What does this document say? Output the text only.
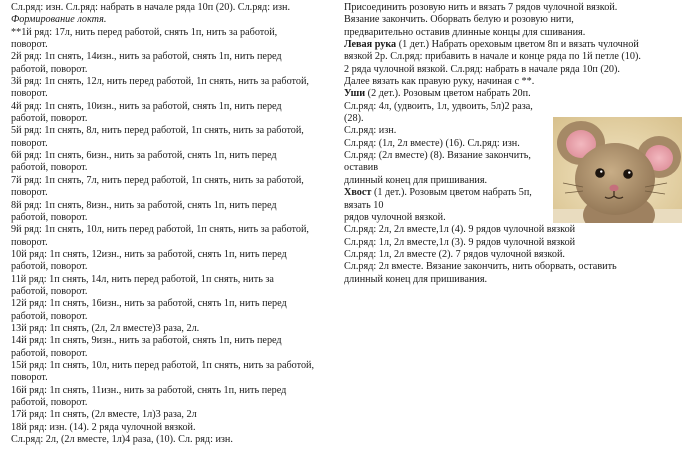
Сл.ряд: изн. Сл.ряд: набрать в начале ряда 10п (20). Сл.ряд: изн.

Формирование локтя.

**1й ряд: 17л, нить перед работой, снять 1п, нить за работой,

поворот.

2й ряд: 1п снять, 14изн., нить за работой, снять 1п, нить перед

работой, поворот.

3й ряд: 1п снять, 12л, нить перед работой, 1п снять, нить за работой,

поворот.

4й ряд: 1п снять, 10изн., нить за работой, снять 1п, нить перед

работой, поворот.

5й ряд: 1п снять, 8л, нить перед работой, 1п снять, нить за работой,

поворот.

6й ряд: 1п снять, 6изн., нить за работой, снять 1п, нить перед

работой, поворот.

7й ряд: 1п снять, 7л, нить перед работой, 1п снять, нить за работой,

поворот.

8й ряд: 1п снять, 8изн., нить за работой, снять 1п, нить перед

работой, поворот.

9й ряд: 1п снять, 10л, нить перед работой, 1п снять, нить за работой,

поворот.

10й ряд: 1п снять, 12изн., нить за работой, снять 1п, нить перед

работой, поворот.

11й ряд: 1п снять, 14л, нить перед работой, 1п снять, нить за

работой, поворот.

12й ряд: 1п снять, 16изн., нить за работой, снять 1п, нить перед

работой, поворот.

13й ряд: 1п снять, (2л, 2л вместе)3 раза, 2л.

14й ряд: 1п снять, 9изн., нить за работой, снять 1п, нить перед

работой, поворот.

15й ряд: 1п снять, 10л, нить перед работой, 1п снять, нить за работой,

поворот.

16й ряд: 1п снять, 11изн., нить за работой, снять 1п, нить перед

работой, поворот.

17й ряд: 1п снять, (2л вместе, 1л)3 раза, 2л

18й ряд: изн. (14). 2 ряда чулочной вязкой.

Сл.ряд: 2л, (2л вместе, 1л)4 раза, (10). Сл. ряд: изн.

Присоединить розовую нить и вязать 7 рядов чулочной вязкой.

Вязание закончить. Оборвать белую и розовую нити,

предварительно оставив длинные концы для сшивания.

Левая рука (1 дет.) Набрать ореховым цветом 8п и вязать чулочной

вязкой 2р. Сл.ряд: прибавить в начале и конце ряда по 1й петле (10).

2 ряда чулочной вязкой. Сл.ряд: набрать в начале ряда 10п (20).

Далее вязать как правую руку, начиная с **.

Уши (2 дет.). Розовым цветом набрать 20п.

Сл.ряд: 4л, (удвоить, 1л, удвоить, 5л)2 раза,

(28).

Сл.ряд: изн.

Сл.ряд: (1л, 2л вместе) (16). Сл.ряд: изн.

Сл.ряд: (2л вместе) (8). Вязание закончить,

оставив

длинный конец для пришивания.

Хвост (1 дет.). Розовым цветом набрать 5п,

вязать 10

рядов чулочной вязкой.

Сл.ряд: 2л, 2л вместе,1л (4). 9 рядов чулочной вязкой

Сл.ряд: 1л, 2л вместе,1л (3). 9 рядов чулочной вязкой

Сл.ряд: 1л, 2л вместе (2). 7 рядов чулочной вязкой.

Сл.ряд: 2л вместе. Вязание закончить, нить оборвать, оставить

длинный конец для пришивания.
